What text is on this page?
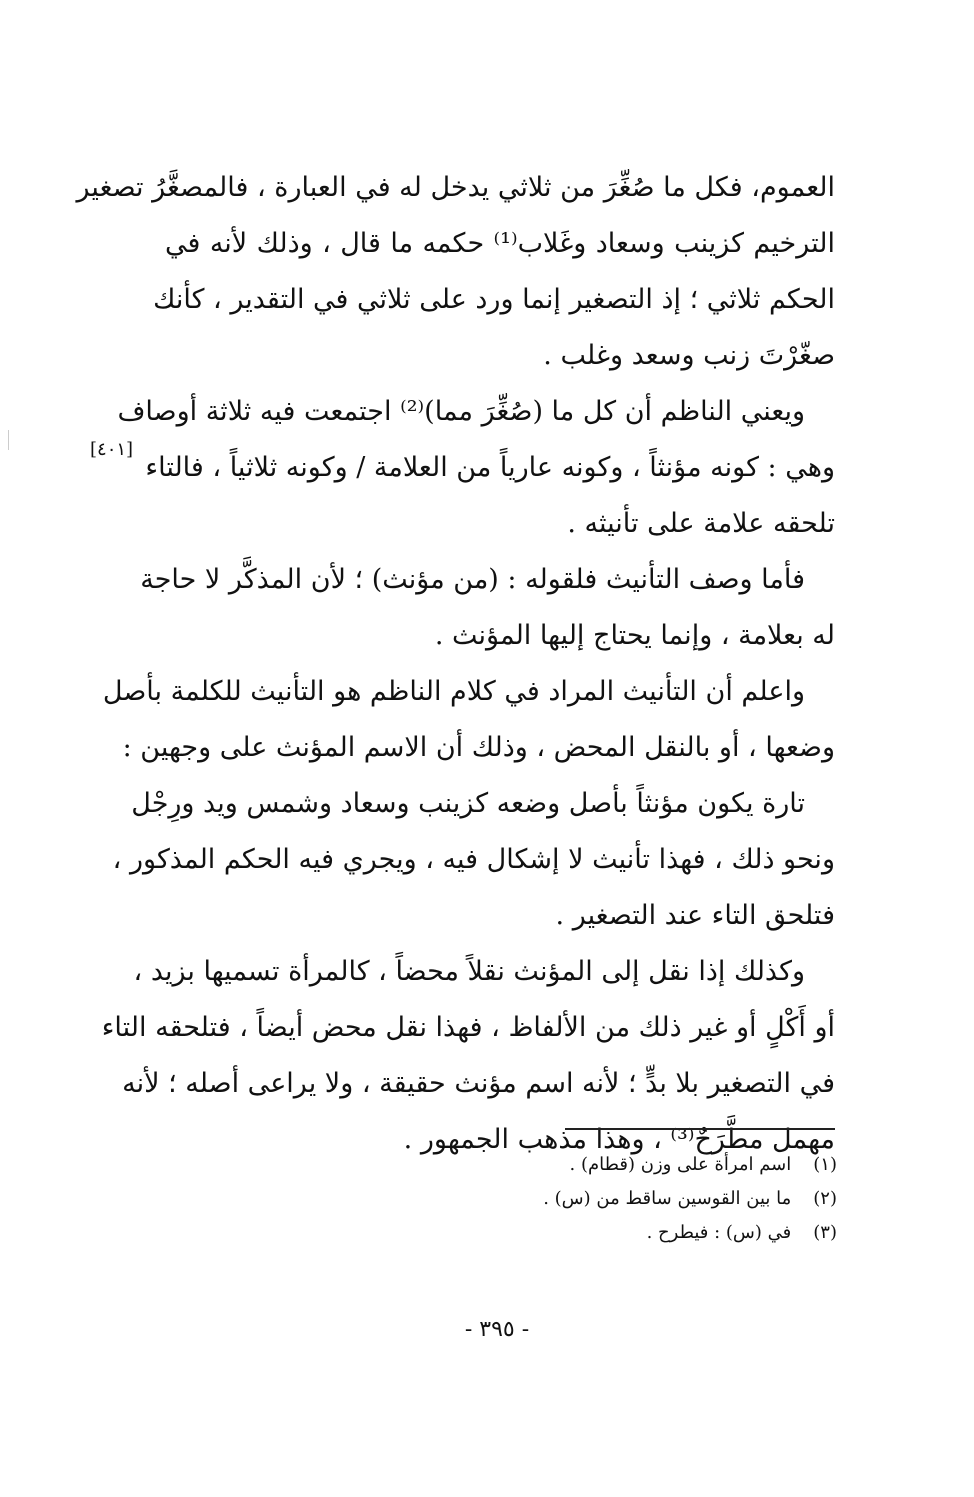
العموم، فكل ما صُغِّرَ من ثلاثي يدخل له في العبارة ، فالمصغَّرُ تصغير
الترخيم كزينب وسعاد وغَلاب⁽¹⁾ حكمه ما قال ، وذلك لأنه في
الحكم ثلاثي ؛ إذ التصغير إنما ورد على ثلاثي في التقدير ، كأنك
صغّرْتَ زنب وسعد وغلب .
ويعني الناظم أن كل ما (صُغِّرَ مما)⁽²⁾ اجتمعت فيه ثلاثة أوصاف
وهي : كونه مؤنثاً ، وكونه عارياً من العلامة / وكونه ثلاثياً ، فالتاء
تلحقه علامة على تأنيثه .
فأما وصف التأنيث فلقوله : (من مؤنث) ؛ لأن المذكَّر لا حاجة
له بعلامة ، وإنما يحتاج إليها المؤنث .
واعلم أن التأنيث المراد في كلام الناظم هو التأنيث للكلمة بأصل
وضعها ، أو بالنقل المحض ، وذلك أن الاسم المؤنث على وجهين :
تارة يكون مؤنثاً بأصل وضعه كزينب وسعاد وشمس ويد ورِجْل
ونحو ذلك ، فهذا تأنيث لا إشكال فيه ، ويجري فيه الحكم المذكور ،
فتلحق التاء عند التصغير .
وكذلك إذا نقل إلى المؤنث نقلاً محضاً ، كالمرأة تسميها بزيد ،
أو أَكْلٍ أو غير ذلك من الألفاظ ، فهذا نقل محض أيضاً ، فتلحقه التاء
في التصغير بلا بدٍّ ؛ لأنه اسم مؤنث حقيقة ، ولا يراعى أصله ؛ لأنه
مهمل مطَّرَحٌ⁽³⁾ ، وهذا مذهب الجمهور .
[٤٠١]
(١) اسم امرأة على وزن (قطام) .
(٢) ما بين القوسين ساقط من (س) .
(٣) في (س) : فيطرح .
- ٣٩٥ -
